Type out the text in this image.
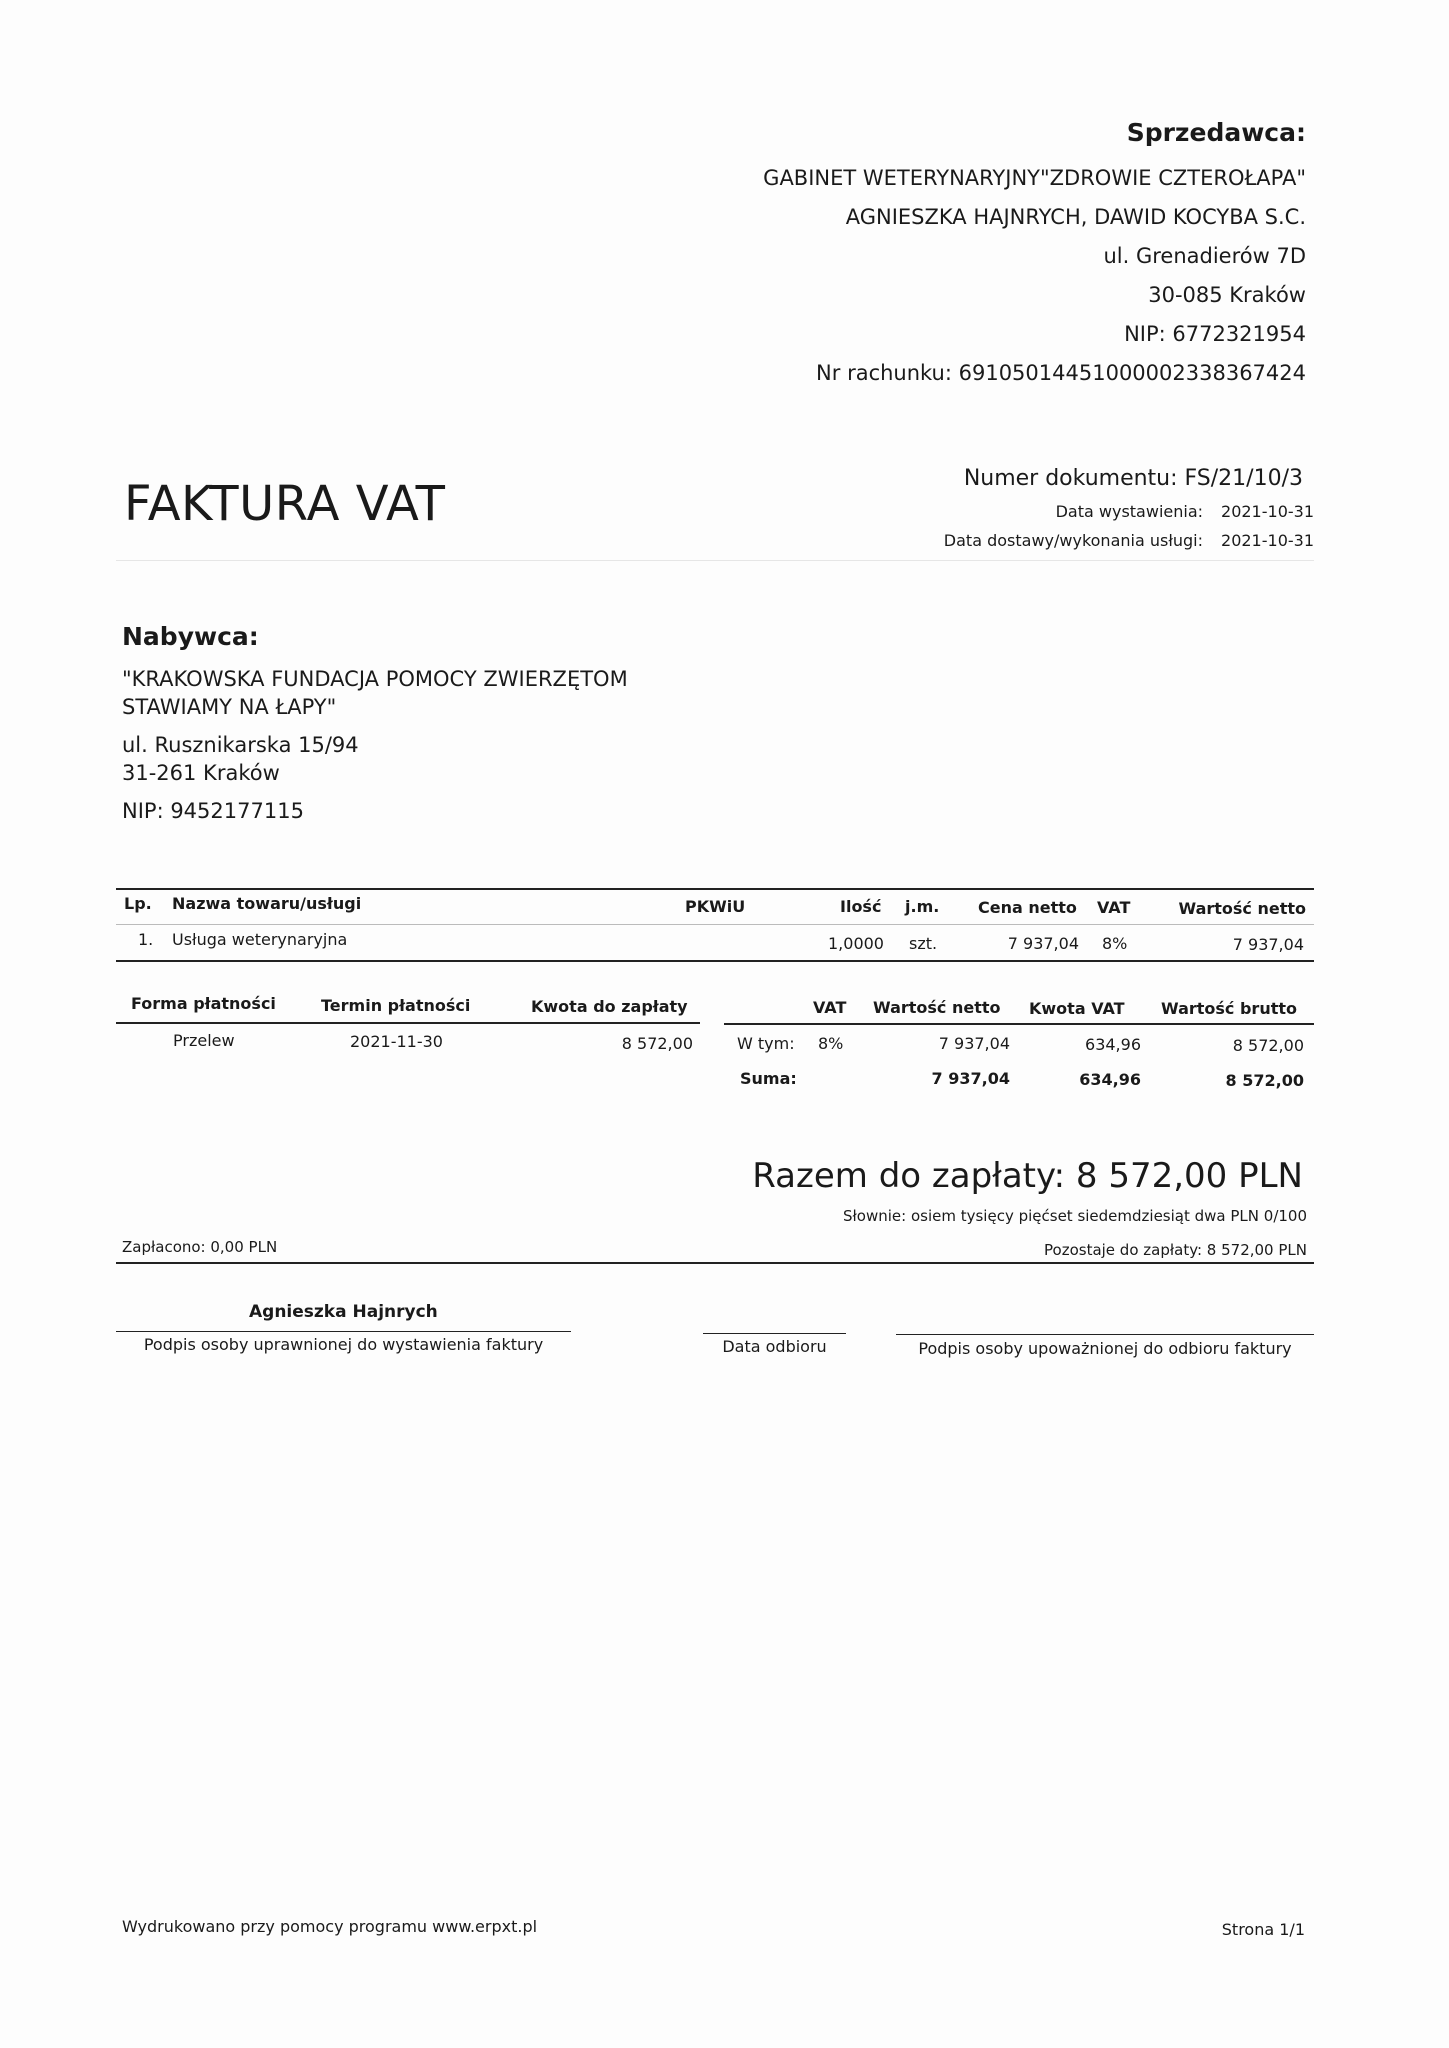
Sprzedawca:
GABINET WETERYNARYJNY"ZDROWIE CZTEROŁAPA"
AGNIESZKA HAJNRYCH, DAWID KOCYBA S.C.
ul. Grenadierów 7D
30-085 Kraków
NIP: 6772321954
Nr rachunku: 69105014451000002338367424
FAKTURA VAT	Numer dokumentu: FS/21/10/3
Data wystawienia: 2021-10-31
Data dostawy/wykonania usługi: 2021-10-31
Nabywca:
"KRAKOWSKA FUNDACJA POMOCY ZWIERZĘTOM
STAWIAMY NA ŁAPY"
ul. Rusznikarska 15/94
31-261 Kraków
NIP: 9452177115
Lp. Nazwa towaru/usługi	PKWiU	Ilość j.m. Cena netto VAT	Wartość netto
1. Usługa weterynaryjna	1,0000 szt.	7 937,04 8%	7 937,04
Forma płatności	Termin płatności	Kwota do zapłaty
Przelew	2021-11-30	8 572,00
VAT Wartość netto Kwota VAT Wartość brutto
W tym: 8%	7 937,04	634,96	8 572,00
Suma:	7 937,04	634,96	8 572,00
Razem do zapłaty: 8 572,00 PLN
Słownie: osiem tysięcy pięćset siedemdziesiąt dwa PLN 0/100
Zapłacono: 0,00 PLN	Pozostaje do zapłaty: 8 572,00 PLN
Agnieszka Hajnrych
Podpis osoby uprawnionej do wystawienia faktury	Data odbioru	Podpis osoby upoważnionej do odbioru faktury
Wydrukowano przy pomocy programu www.erpxt.pl	Strona 1/1
